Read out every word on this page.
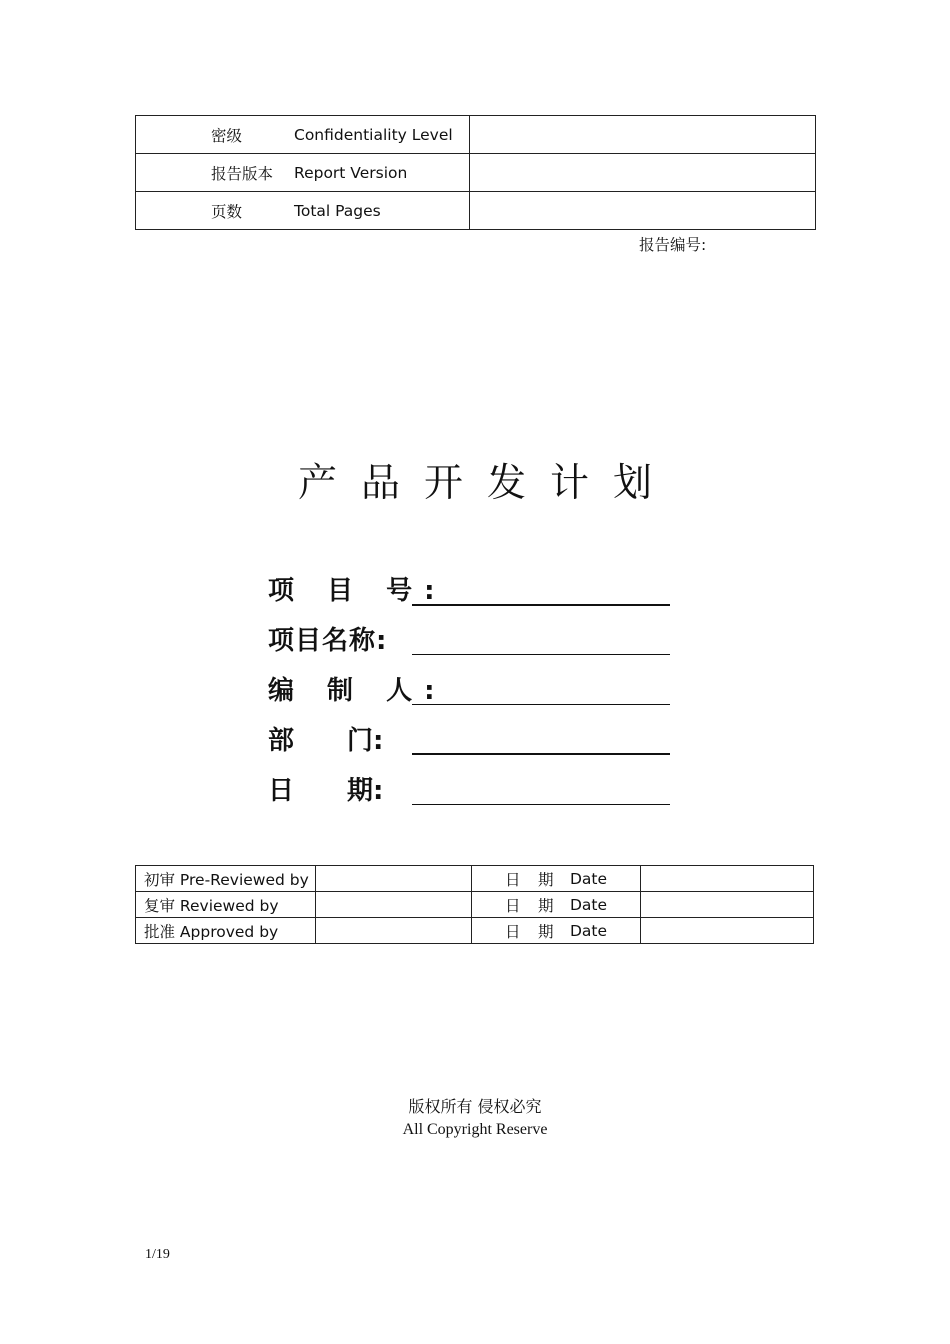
密级 Confidentiality Level	

报告版本 Report Version	

页数 Total Pages	

报告编号:
产品开发计划
项 目 号:
项目名称:
编 制 人:
部 门:
日 期:
初审 Pre-Reviewed by		日 期 Date	

复审 Reviewed by		日 期 Date	

批准 Approved by		日 期 Date	

版权所有 侵权必究
All Copyright Reserve
1/19
